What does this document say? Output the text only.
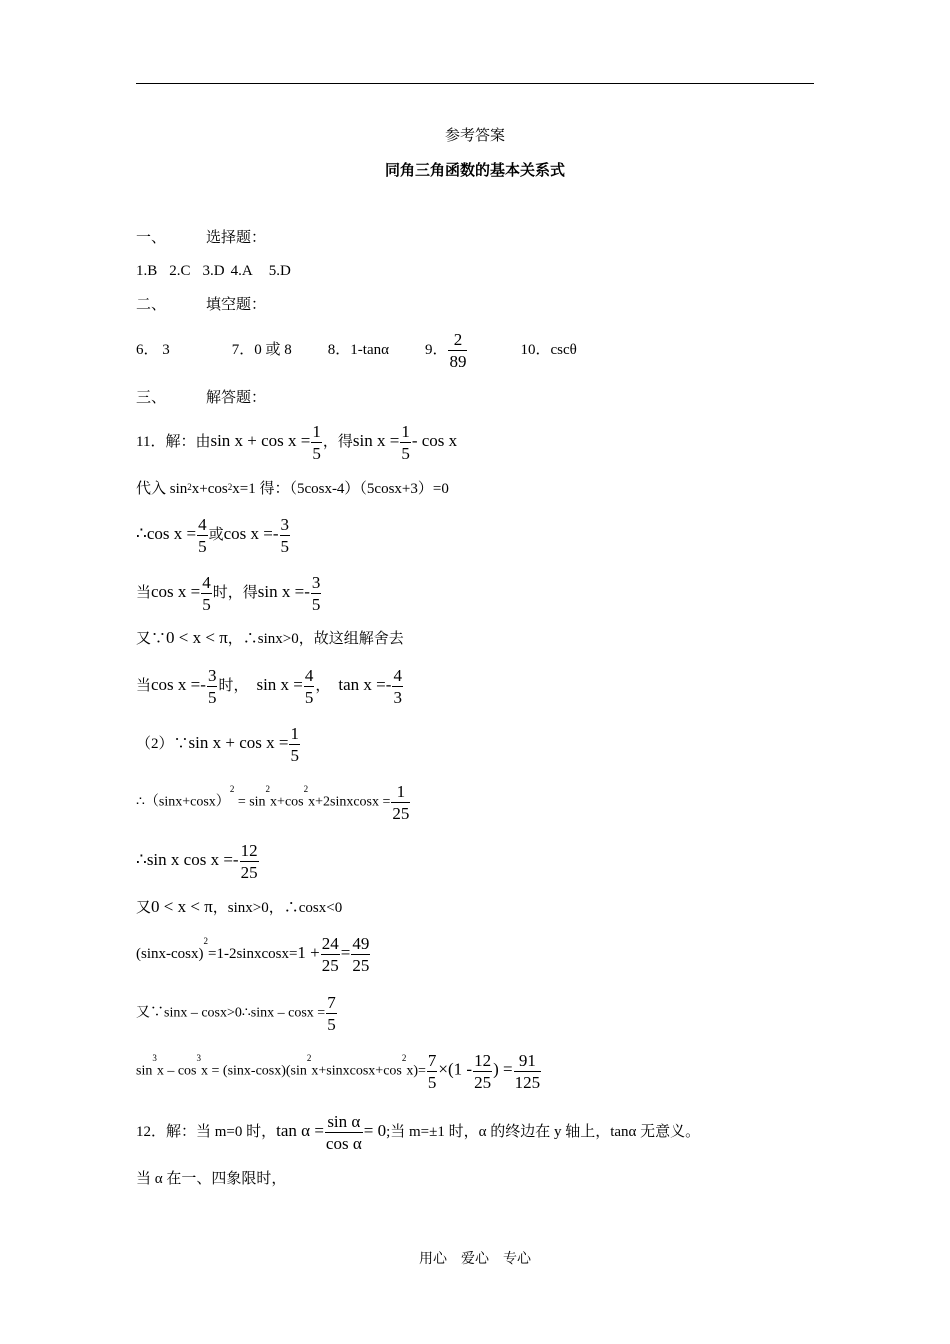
参考答案
同角三角函数的基本关系式
一、	选择题：
1.B 2.C 3.D 4.A 5.D
二、	填空题：
6． 3	7．0 或 8 8．1-tanα 9． $\frac{2}{89}$	10．cscθ
三、	解答题：
11．解：由$\sin x + \cos x = \frac{1}{5}$ ，得$\sin x = \frac{1}{5} - \cos x$
代入 $\sin^2x+\cos^2x=1$ 得：（5cosx-4）（5cosx+3）=0
∴cos $x = \frac{4}{5}$ 或$\cos x =- \frac{3}{5}$
当$\cos x = \frac{4}{5}$ 时，得$\sin x =- \frac{3}{5}$
又∵0 < x < π，∴sinx>0，故这组解舍去
当$\cos x =- \frac{3}{5}$ 时， $\sin x = \frac{4}{5}$ ， $\tan x =- \frac{4}{3}$
（2）∵sin $x + \cos x = \frac{1}{5}$
$\therefore(\sin x+\cos x)^2$ = $\sin^2x+\cos^2x+2sinxcosx = \frac{1}{25}$
∴sin x $\cos x =- \frac{12}{25}$
又0 < x < π，sinx>0，∴cosx<0
$(\sin x-\cos x)^2=1-2sinxcosx=1 + \frac{24}{25} = \frac{49}{25}$
又∵sinx – cosx>0∴sinx – $\cos x = \frac{7}{5}$
$\sin^3x - \cos^3x$ = $(\sin x-\cos x)(\sin^2x+sinxcosx+\cos^2x)= \frac{7}{5} \times(1 - \frac{12}{25}$ ) = $\frac{91}{125}$
12．解：当 m=0 时，$\tan \alpha = \frac{\text{sin α}}{\text{cos α}} = 0$;当 m=±1 时，α 的终边在 y 轴上，tanα 无意义。
当 α 在一、四象限时，
用心　爱心　专心
